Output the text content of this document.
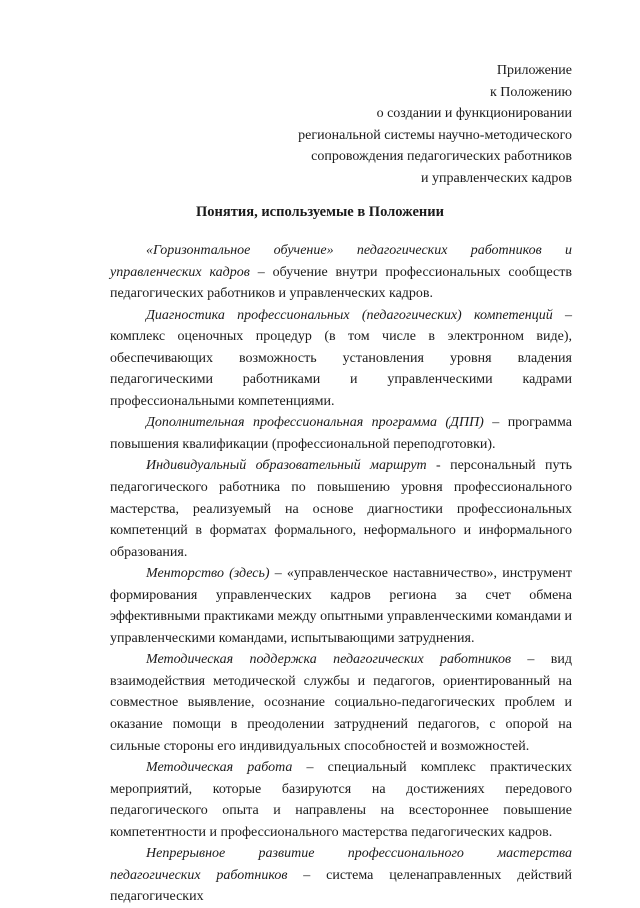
Приложение
к Положению
о создании и функционировании
региональной системы научно-методического
сопровождения педагогических работников
и управленческих кадров
Понятия, используемые в Положении

«Горизонтальное обучение» педагогических работников и управленческих кадров – обучение внутри профессиональных сообществ педагогических работников и управленческих кадров.

Диагностика профессиональных (педагогических) компетенций – комплекс оценочных процедур (в том числе в электронном виде), обеспечивающих возможность установления уровня владения педагогическими работниками и управленческими кадрами профессиональными компетенциями.

Дополнительная профессиональная программа (ДПП) – программа повышения квалификации (профессиональной переподготовки).

Индивидуальный образовательный маршрут - персональный путь педагогического работника по повышению уровня профессионального мастерства, реализуемый на основе диагностики профессиональных компетенций в форматах формального, неформального и информального образования.

Менторство (здесь) – «управленческое наставничество», инструмент формирования управленческих кадров региона за счет обмена эффективными практиками между опытными управленческими командами и управленческими командами, испытывающими затруднения.

Методическая поддержка педагогических работников – вид взаимодействия методической службы и педагогов, ориентированный на совместное выявление, осознание социально-педагогических проблем и оказание помощи в преодолении затруднений педагогов, с опорой на сильные стороны его индивидуальных способностей и возможностей.

Методическая работа – специальный комплекс практических мероприятий, которые базируются на достижениях передового педагогического опыта и направлены на всестороннее повышение компетентности и профессионального мастерства педагогических кадров.

Непрерывное развитие профессионального мастерства педагогических работников – система целенаправленных действий педагогических
